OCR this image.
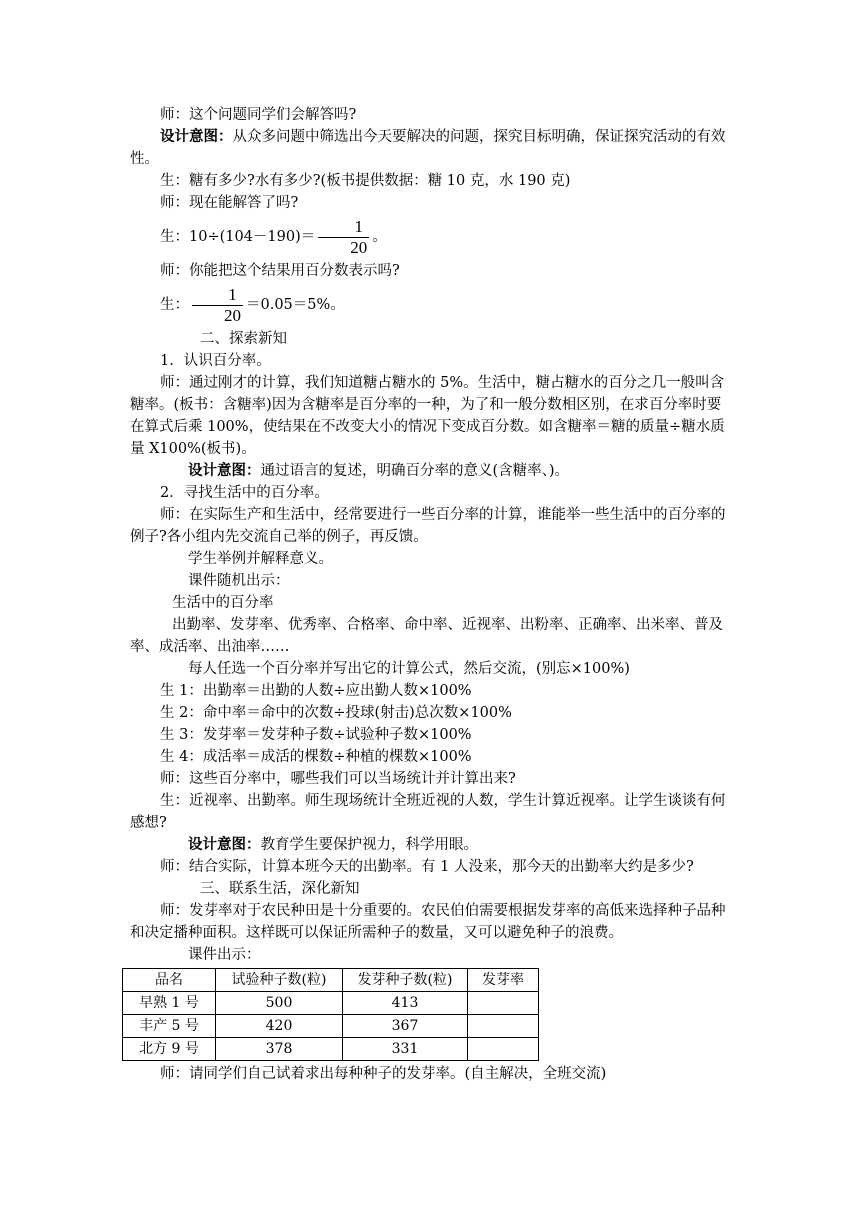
师：这个问题同学们会解答吗?

设计意图：从众多问题中筛选出今天要解决的问题，探究目标明确，保证探究活动的有效性。

生：糖有多少?水有多少?(板书提供数据：糖 10 克，水 190 克)

师：现在能解答了吗?

生：$10\div(104-190)= \frac{1}{20}$ 。

师：你能把这个结果用百分数表示吗?

生： $\frac{1}{20} =0.05=5\%$。

二、探索新知

1．认识百分率。

师：通过刚才的计算，我们知道糖占糖水的 5%。生活中，糖占糖水的百分之几一般叫含糖率。(板书：含糖率)因为含糖率是百分率的一种，为了和一般分数相区别，在求百分率时要在算式后乘 100%，使结果在不改变大小的情况下变成百分数。如含糖率＝糖的质量÷糖水质量 X100%(板书)。

设计意图：通过语言的复述，明确百分率的意义(含糖率、)。

2．寻找生活中的百分率。

师：在实际生产和生活中，经常要进行一些百分率的计算，谁能举一些生活中的百分率的例子?各小组内先交流自己举的例子，再反馈。

学生举例并解释意义。

课件随机出示：

生活中的百分率

出勤率、发芽率、优秀率、合格率、命中率、近视率、出粉率、正确率、出米率、普及率、成活率、出油率……

每人任选一个百分率并写出它的计算公式，然后交流，(别忘×100%)

生 1：出勤率＝出勤的人数÷应出勤人数×100%

生 2：命中率＝命中的次数÷投球(射击)总次数×100%

生 3：发芽率＝发芽种子数÷试验种子数×100%

生 4：成活率＝成活的棵数÷种植的棵数×100%

师：这些百分率中，哪些我们可以当场统计并计算出来?

生：近视率、出勤率。师生现场统计全班近视的人数，学生计算近视率。让学生谈谈有何感想?

设计意图：教育学生要保护视力，科学用眼。

师：结合实际，计算本班今天的出勤率。有 1 人没来，那今天的出勤率大约是多少?

三、联系生活，深化新知

师：发芽率对于农民种田是十分重要的。农民伯伯需要根据发芽率的高低来选择种子品种和决定播种面积。这样既可以保证所需种子的数量，又可以避免种子的浪费。

课件出示：

品名	试验种子数(粒)	发芽种子数(粒)	发芽率
早熟 1 号	500	413	
丰产 5 号	420	367	
北方 9 号	378	331	

师：请同学们自己试着求出每种种子的发芽率。(自主解决，全班交流)
